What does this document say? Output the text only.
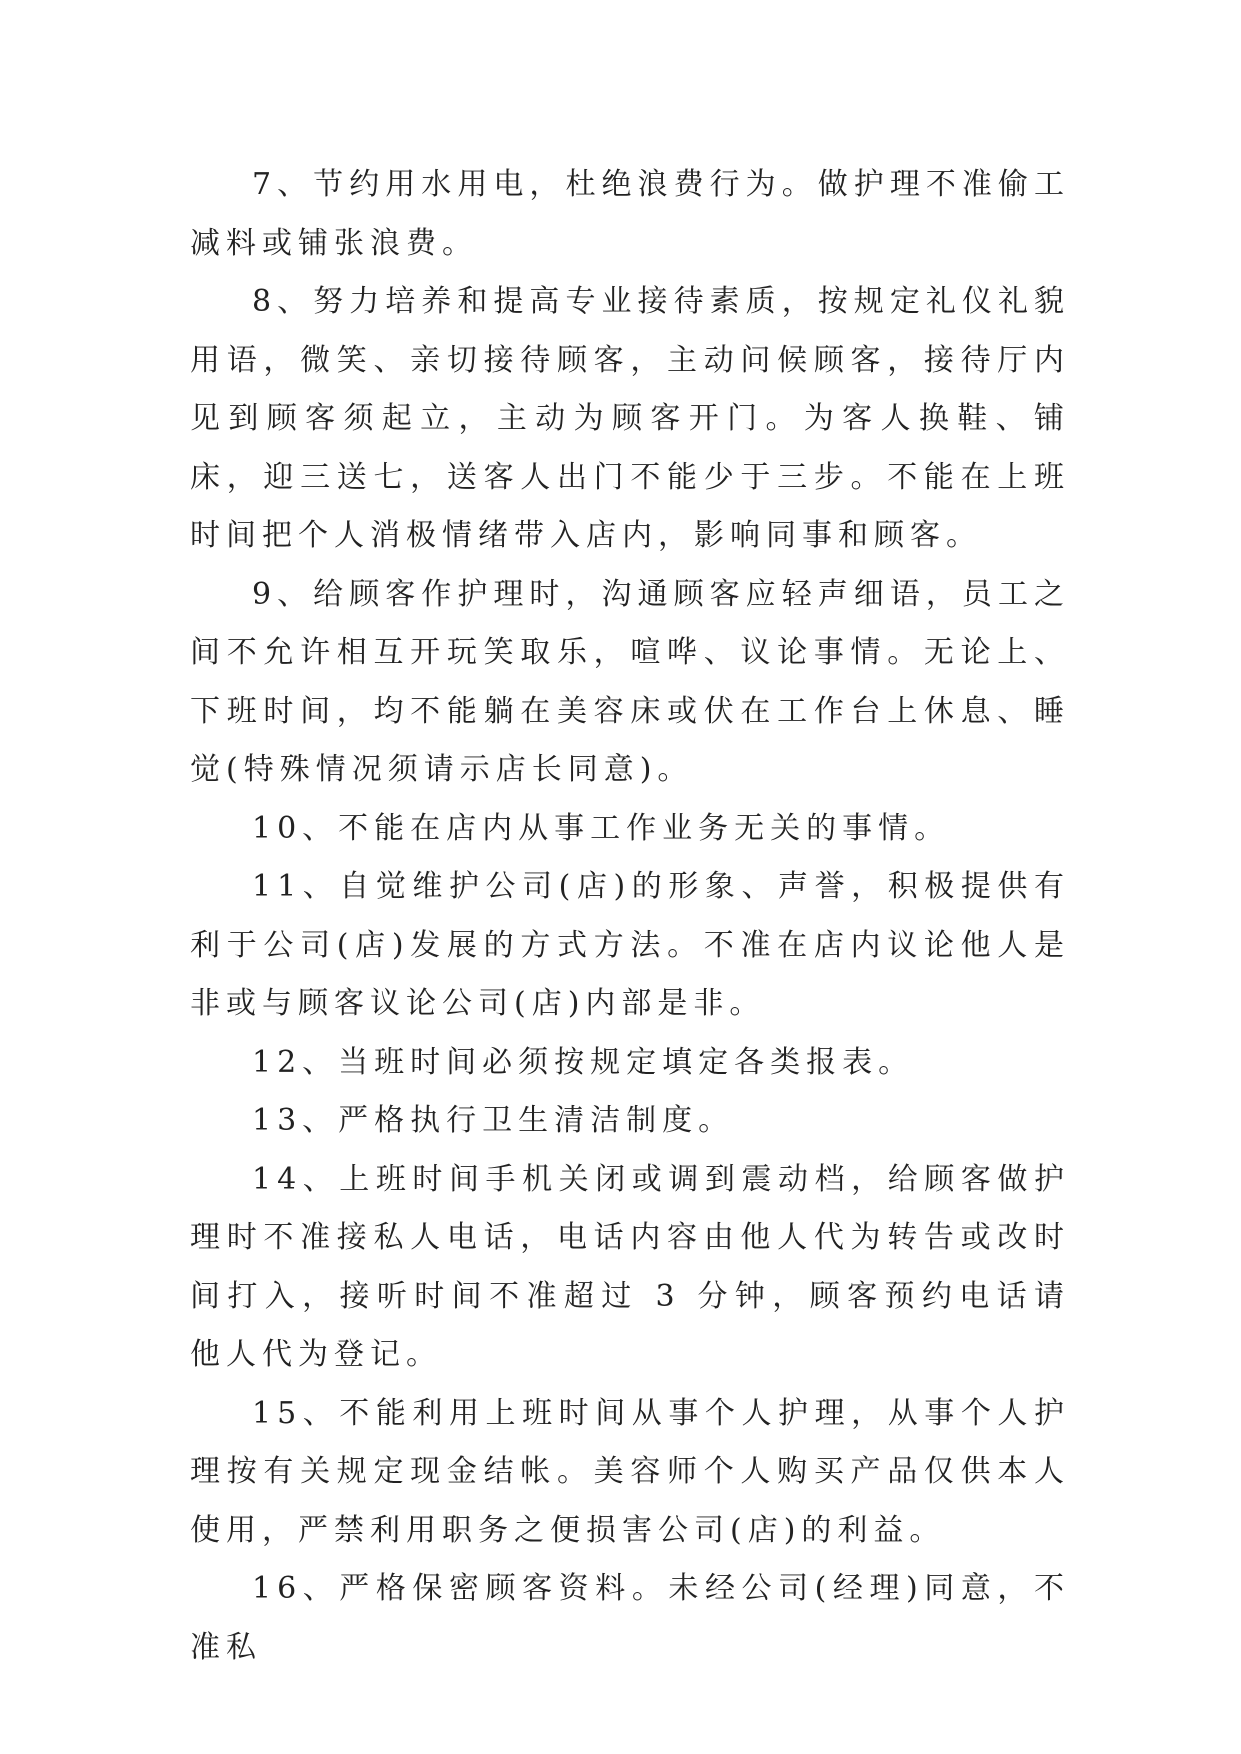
7、节约用水用电，杜绝浪费行为。做护理不准偷工减料或铺张浪费。

8、努力培养和提高专业接待素质，按规定礼仪礼貌用语，微笑、亲切接待顾客，主动问候顾客，接待厅内见到顾客须起立，主动为顾客开门。为客人换鞋、铺床，迎三送七，送客人出门不能少于三步。不能在上班时间把个人消极情绪带入店内，影响同事和顾客。

9、给顾客作护理时，沟通顾客应轻声细语，员工之间不允许相互开玩笑取乐，喧哗、议论事情。无论上、下班时间，均不能躺在美容床或伏在工作台上休息、睡觉(特殊情况须请示店长同意)。

10、不能在店内从事工作业务无关的事情。

11、自觉维护公司(店)的形象、声誉，积极提供有利于公司(店)发展的方式方法。不准在店内议论他人是非或与顾客议论公司(店)内部是非。

12、当班时间必须按规定填定各类报表。

13、严格执行卫生清洁制度。

14、上班时间手机关闭或调到震动档，给顾客做护理时不准接私人电话，电话内容由他人代为转告或改时间打入，接听时间不准超过 3 分钟，顾客预约电话请他人代为登记。

15、不能利用上班时间从事个人护理，从事个人护理按有关规定现金结帐。美容师个人购买产品仅供本人使用，严禁利用职务之便损害公司(店)的利益。

16、严格保密顾客资料。未经公司(经理)同意，不准私
